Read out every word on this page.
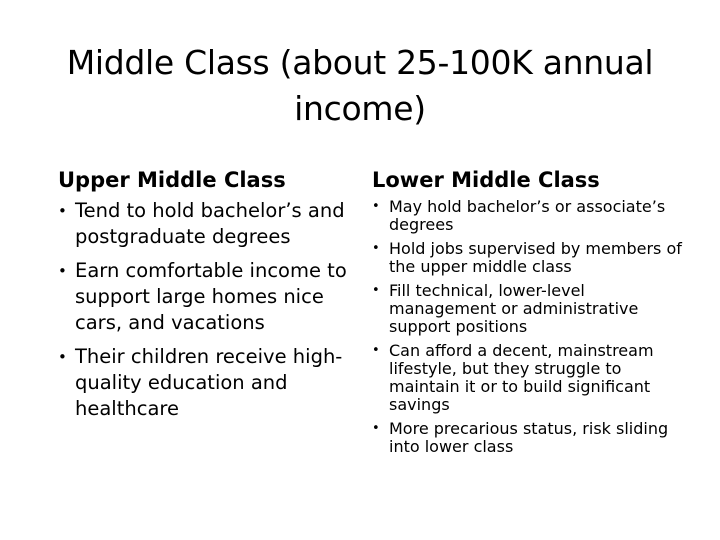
Middle Class (about 25-100K annual income)
Upper Middle Class
• Tend to hold bachelor’s and postgraduate degrees
• Earn comfortable income to support large homes nice cars, and vacations
• Their children receive high-quality education and healthcare
Lower Middle Class
• May hold bachelor’s or associate’s degrees
• Hold jobs supervised by members of the upper middle class
• Fill technical, lower-level management or administrative support positions
• Can afford a decent, mainstream lifestyle, but they struggle to maintain it or to build significant savings
• More precarious status, risk sliding into lower class
